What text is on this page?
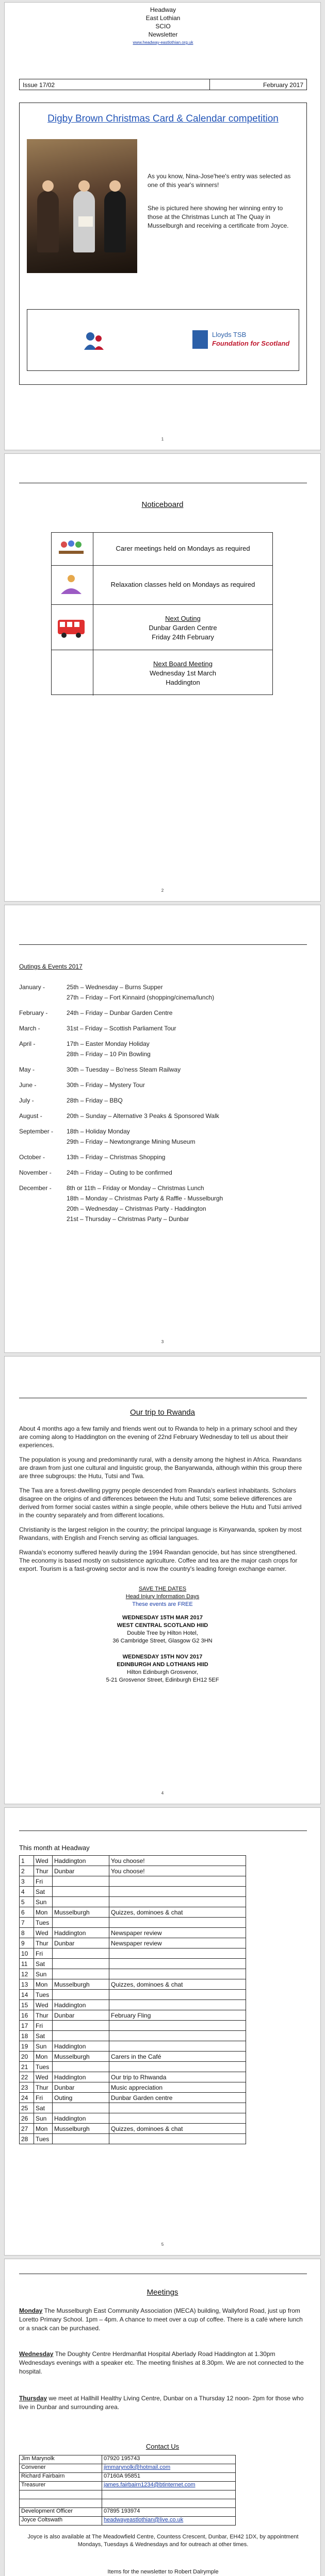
Headway
East Lothian
SCIO
Newsletter
www.headway-eastlothian.org.uk
Issue 17/02	February 2017
Digby Brown Christmas Card & Calendar competition
As you know, Nina-Jose'hee's entry was selected as one of this year's winners!
She is pictured here showing her winning entry to those at the Christmas Lunch at The Quay in Musselburgh and receiving a certificate from Joyce.
Lloyds TSB
Foundation for Scotland
1
Noticeboard
Carer meetings held on Mondays as required
Relaxation classes held on Mondays as required
Next Outing
Dunbar Garden Centre
Friday 24th February
Next Board Meeting
Wednesday 1st March
Haddington
2
Outings & Events 2017
January -	25th – Wednesday – Burns Supper
27th – Friday – Fort Kinnaird (shopping/cinema/lunch)
February -	24th – Friday – Dunbar Garden Centre
March -	31st – Friday – Scottish Parliament Tour
April -	17th – Easter Monday Holiday
28th – Friday – 10 Pin Bowling
May -	30th – Tuesday – Bo'ness Steam Railway
June -	30th – Friday – Mystery Tour
July -	28th – Friday – BBQ
August -	20th – Sunday – Alternative 3 Peaks & Sponsored Walk
September - 18th – Holiday Monday
29th – Friday – Newtongrange Mining Museum
October -	13th – Friday – Christmas Shopping
November - 24th – Friday – Outing to be confirmed
December - 8th or 11th – Friday or Monday – Christmas Lunch
18th – Monday – Christmas Party & Raffle - Musselburgh
20th – Wednesday – Christmas Party - Haddington
21st – Thursday – Christmas Party – Dunbar
3
Our trip to Rwanda
About 4 months ago a few family and friends went out to Rwanda to help in a primary school and they are coming along to Haddington on the evening of 22nd February Wednesday to tell us about their experiences.
The population is young and predominantly rural, with a density among the highest in Africa. Rwandans are drawn from just one cultural and linguistic group, the Banyarwanda, although within this group there are three subgroups: the Hutu, Tutsi and Twa.
The Twa are a forest-dwelling pygmy people descended from Rwanda's earliest inhabitants. Scholars disagree on the origins of and differences between the Hutu and Tutsi; some believe differences are derived from former social castes within a single people, while others believe the Hutu and Tutsi arrived in the country separately and from different locations.
Christianity is the largest religion in the country; the principal language is Kinyarwanda, spoken by most Rwandans, with English and French serving as official languages.
Rwanda's economy suffered heavily during the 1994 Rwandan genocide, but has since strengthened. The economy is based mostly on subsistence agriculture. Coffee and tea are the major cash crops for export. Tourism is a fast-growing sector and is now the country's leading foreign exchange earner.
SAVE THE DATES
Head Injury Information Days
These events are FREE
WEDNESDAY 15TH MAR 2017
WEST CENTRAL SCOTLAND HIID
Double Tree by Hilton Hotel,
36 Cambridge Street, Glasgow G2 3HN
WEDNESDAY 15TH NOV 2017
EDINBURGH AND LOTHIANS HIID
Hilton Edinburgh Grosvenor,
5-21 Grosvenor Street, Edinburgh EH12 5EF
4
This month at Headway
1	Wed	Haddington	You choose!
2	Thur	Dunbar	You choose!
3	Fri		
4	Sat		
5	Sun		
6	Mon	Musselburgh	Quizzes, dominoes & chat
7	Tues		
8	Wed	Haddington	Newspaper review
9	Thur	Dunbar	Newspaper review
10	Fri		
11	Sat		
12	Sun		
13	Mon	Musselburgh	Quizzes, dominoes & chat
14	Tues		
15	Wed	Haddington	
16	Thur	Dunbar	February Fling
17	Fri		
18	Sat		
19	Sun	Haddington	
20	Mon	Musselburgh	Carers in the Café
21	Tues		
22	Wed	Haddington	Our trip to Rhwanda
23	Thur	Dunbar	Music appreciation
24	Fri	Outing	Dunbar Garden centre
25	Sat		
26	Sun	Haddington	
27	Mon	Musselburgh	Quizzes, dominoes & chat
28	Tues		
5
Meetings
Monday The Musselburgh East Community Association (MECA) building, Wallyford Road, just up from Loretto Primary School. 1pm – 4pm. A chance to meet over a cup of coffee. There is a café where lunch or a snack can be purchased.
Wednesday The Doughty Centre Herdmanflat Hospital Aberlady Road Haddington at 1.30pm Wednesdays evenings with a speaker etc. The meeting finishes at 8.30pm. We are not connected to the hospital.
Thursday we meet at Hallhill Healthy Living Centre, Dunbar on a Thursday 12 noon- 2pm for those who live in Dunbar and surrounding area.
Contact Us
Jim Marynolk	07920 195743
Convener	jimmarynolk@hotmail.com
Richard Fairbairn	07160A 95851
Treasurer	james.fairbairn1234@btinternet.com

Development Officer	07895 193974
Joyce Coltswath	headwayeastlothian@live.co.uk
Joyce is also available at The Meadowfield Centre, Countess Crescent, Dunbar, EH42 1DX, by appointment Mondays, Tuesdays & Wednesdays and for outreach at other times.
Items for the newsletter to Robert Dalrymple
